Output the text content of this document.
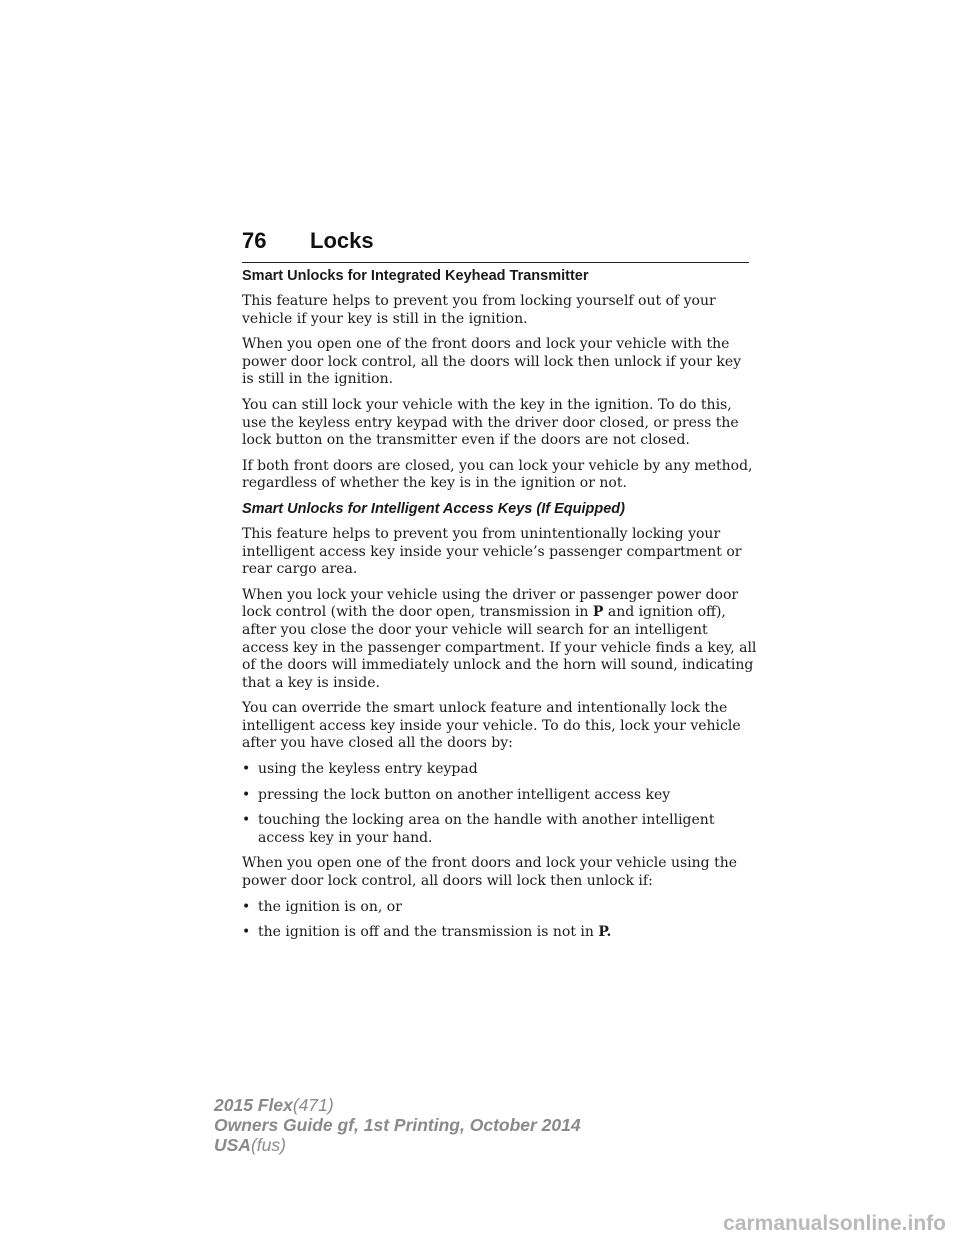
76 Locks
Smart Unlocks for Integrated Keyhead Transmitter

This feature helps to prevent you from locking yourself out of your vehicle if your key is still in the ignition.

When you open one of the front doors and lock your vehicle with the power door lock control, all the doors will lock then unlock if your key is still in the ignition.

You can still lock your vehicle with the key in the ignition. To do this, use the keyless entry keypad with the driver door closed, or press the lock button on the transmitter even if the doors are not closed.

If both front doors are closed, you can lock your vehicle by any method, regardless of whether the key is in the ignition or not.

Smart Unlocks for Intelligent Access Keys (If Equipped)

This feature helps to prevent you from unintentionally locking your intelligent access key inside your vehicle’s passenger compartment or rear cargo area.

When you lock your vehicle using the driver or passenger power door lock control (with the door open, transmission in P and ignition off), after you close the door your vehicle will search for an intelligent access key in the passenger compartment. If your vehicle finds a key, all of the doors will immediately unlock and the horn will sound, indicating that a key is inside.

You can override the smart unlock feature and intentionally lock the intelligent access key inside your vehicle. To do this, lock your vehicle after you have closed all the doors by:

• using the keyless entry keypad
• pressing the lock button on another intelligent access key
• touching the locking area on the handle with another intelligent access key in your hand.

When you open one of the front doors and lock your vehicle using the power door lock control, all doors will lock then unlock if:

• the ignition is on, or
• the ignition is off and the transmission is not in P.
2015 Flex(471)
Owners Guide gf, 1st Printing, October 2014
USA(fus)
carmanualsonline.info
